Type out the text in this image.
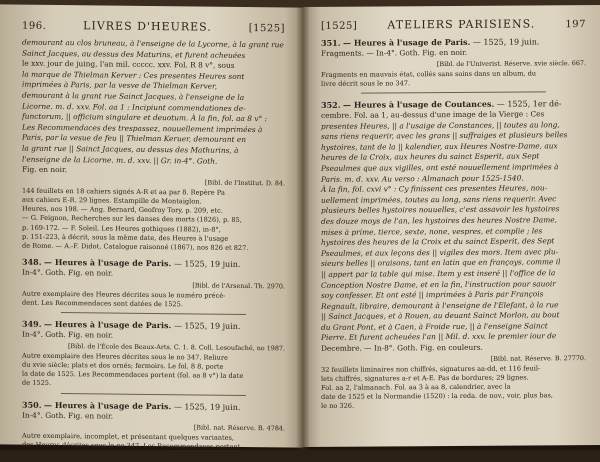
196.	LIVRES D'HEURES.	[1525]

demourant au clos bruneau, à l'enseigne de la Lycorne, à la grant rue

Sainct Jacques, au dessus des Maturins, et furent acheuées

le xxv. jour de juing, l'an mil. ccccc. xxv. Fol. R 8 v°, sous

la marque de Thielman Kerver : Ces presentes Heures sont

imprimées à Paris, par la vesve de Thielman Kerver,

demourant à la grant rue Sainct Jacques, à l'enseigne de la

Licorne. m. d. xxv. Fol. aa 1 : Incipiunt commendationes de-

functorum, || officium singulare et deuotum. À la fin, fol. aa 8 v° :

Les Recommendaces des trespassez, nouuellement imprimées à

Paris, par la vesue de feu || Thielman Keruer, demourant en

la grant rue || Sainct Jacques, au dessus des Mathurins, à

l'enseigne de la Licorne. m. d. xxv. || Gr. in-4°. Goth.

Fig. en noir.

[Bibl. de l'Institut. D. 84.

144 feuillets en 18 cahiers signés A-R et aa par 8. Repère Pa

aux cahiers E-R. 29 lignes. Estampille de Montaiglon.

Heures, nos 198. — Ang. Bernard, Geofroy Tory, p. 209, etc.

— G. Feignon, Recherches sur les danses des morts (1826), p. 85,

p. 169-172. — F. Soleil, Les Heures gothiques (1882), in-8°,

p. 151-223, à décrit, sous la même date, des Heures à l'usage

de Rome. — A.-F. Didot, Catalogue raisonné (1867), nos 826 et 827.

348. — Heures à l'usage de Paris. — 1525, 19 juin.

In-4°. Goth. Fig. en noir.

[Bibl. de l'Arsenal. Th. 2970.

Autre exemplaire des Heures décrites sous le numéro précé-

dent. Les Recommendaces sont datées de 1525.

349. — Heures à l'usage de Paris. — 1525, 19 juin.

In-4°. Goth. Fig. en noir.

[Bibl. de l'École des Beaux-Arts. C. 1. 8. Coll. Lesoufaché, no 1987.

Autre exemplaire des Heures décrites sous le no 347. Reliure

du xvie siècle; plats et dos ornés; fermoirs. Le fol. 8 8, porte

la date de 1525. Les Recommendaces portent (fol. aa 8 v°) la date

de 1525.

350. — Heures à l'usage de Paris. — 1525, 19 juin.

In-4°. Goth. Fig. en noir.

[Bibl. nat. Réserve. B. 4784.

Autre exemplaire, incomplet, et présentant quelques variantes,

des Heures décrites sous le no 347. Les Recommendaces portent

la date du no 349, la date de 1525.

[1525]	ATELIERS PARISIENS.	197

351. — Heures à l'usage de Paris. — 1525, 19 juin.

Fragments. — In-4°. Goth. Fig. en noir.

[Bibl. de l'Univerist. Réserve. xvie siècle. 667.

Fragments en mauvais état, collés sans soins dans un album, du

livre décrit sous le no 347.

352. — Heures à l'usage de Coutances. — 1525, 1er dé-

cembre. Fol. aa 1, au-dessus d'une image de la Vierge : Ces

presentes Heures, || a l'usaige de Constances, || toutes au long,

sans riens requerir, avec les grans || suffraiges et plusieurs belles

hystoires, tant de la || kalendier, aux Heures Nostre-Dame, aux

heures de la Croix, aux heures du sainct Esperit, aux Sept

Pseaulmes que aux vigilles, ont esté nouuellement imprimées à

Paris. m. d. xxv. Au verso : Almanach pour 1525-1540.

À la fin, fol. cxvi v° : Cy finissent ces presentes Heures, nou-

uellement imprimées, toutes au long, sans riens requerir. Avec

plusieurs belles hystoires nouuelles, c'est assavoir les hystoires

des douze moys de l'an, les hystoires des heures Nostre Dame,

mises à prime, tierce, sexte, none, vespres, et complie ; les

hystoires des heures de la Croix et du sainct Esperit, des Sept

Pseaulmes, et aux leçons des || vigiles des mors. Item avec plu-

sieurs belles || oraisons, tant en latin que en françoys, comme il

|| appert par la table qui mise. Item y est inseré || l'office de la

Conception Nostre Dame, et en la fin, l'instruction pour sauoir

soy confesser. Et ont esté || imprimées à Paris par François

Regnault, libraire, demourant à l'enseigne de l'Elefant, à la rue

|| Sainct Jacques, et à Rouen, au deuant Sainct Morlon, au bout

du Grant Pont, et à Caen, à Froide rue, || à l'enseigne Sainct

Pierre. Et furent acheuées l'an || Mil. d. xxv. le premier iour de

Decembre. — In-8°. Goth. Fig. en couleurs.

[Bibl. nat. Réserve. B. 27770.

32 feuillets liminaires non chiffrés, signatures aa-dd, et 116 feuil-

lets chiffrés, signatures a-r et A-E. Pas de bordures; 29 lignes.

Fol. aa 2, l'almanach. Fol. aa 3 à aa 8, calendrier, avec la

date de 1525 et la Normandie (1520) : la reda. de nov., voir, plus bas,

le no 326.
